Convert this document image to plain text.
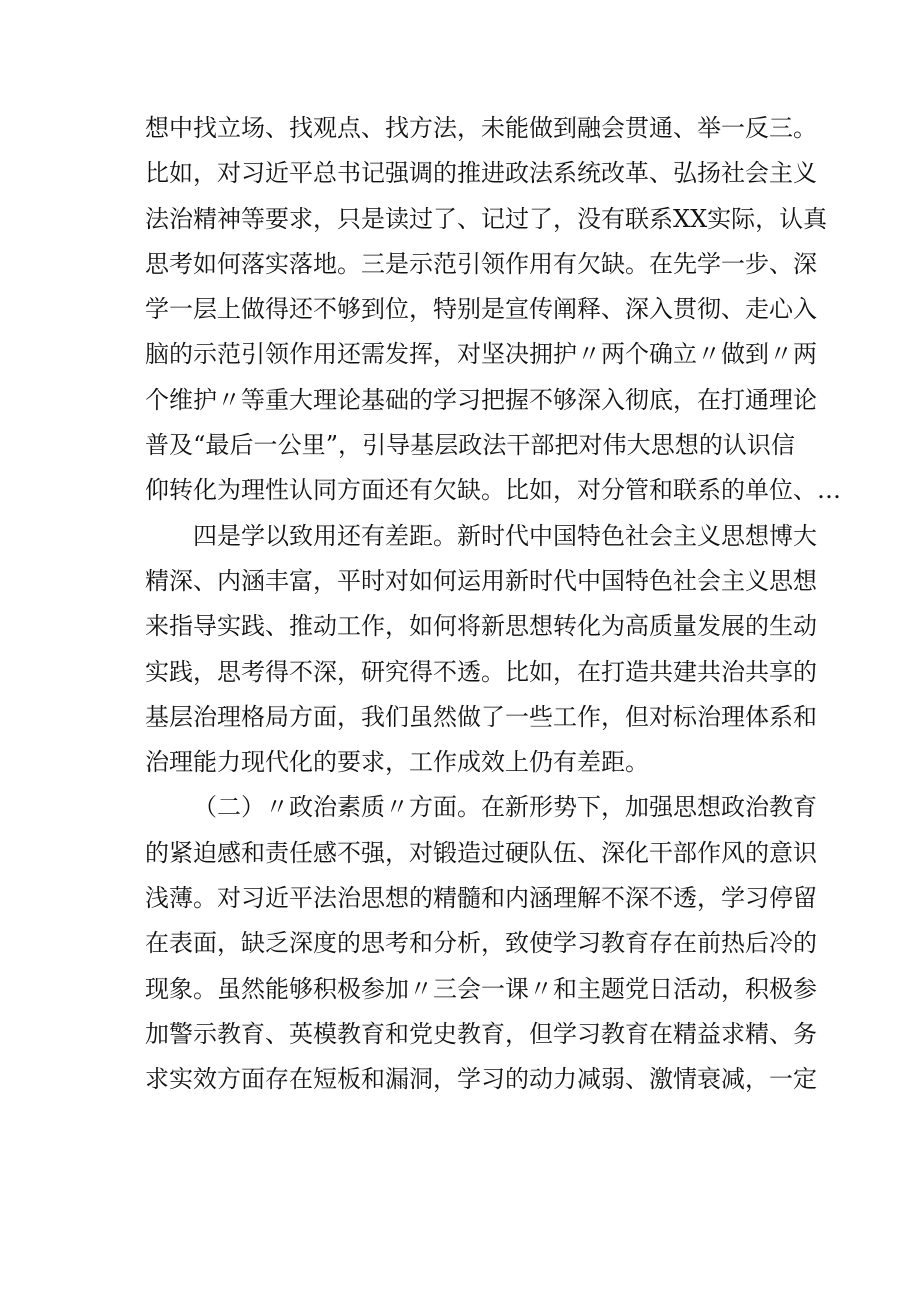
想中找立场、找观点、找方法，未能做到融会贯通、举一反三。
比如，对习近平总书记强调的推进政法系统改革、弘扬社会主义
法治精神等要求，只是读过了、记过了，没有联系XX实际，认真
思考如何落实落地。三是示范引领作用有欠缺。在先学一步、深
学一层上做得还不够到位，特别是宣传阐释、深入贯彻、走心入
脑的示范引领作用还需发挥，对坚决拥护〃两个确立〃做到〃两
个维护〃等重大理论基础的学习把握不够深入彻底，在打通理论
普及“最后一公里”，引导基层政法干部把对伟大思想的认识信
仰转化为理性认同方面还有欠缺。比如，对分管和联系的单位、…
四是学以致用还有差距。新时代中国特色社会主义思想博大
精深、内涵丰富，平时对如何运用新时代中国特色社会主义思想
来指导实践、推动工作，如何将新思想转化为高质量发展的生动
实践，思考得不深，研究得不透。比如，在打造共建共治共享的
基层治理格局方面，我们虽然做了一些工作，但对标治理体系和
治理能力现代化的要求，工作成效上仍有差距。
（二）〃政治素质〃方面。在新形势下，加强思想政治教育
的紧迫感和责任感不强，对锻造过硬队伍、深化干部作风的意识
浅薄。对习近平法治思想的精髓和内涵理解不深不透，学习停留
在表面，缺乏深度的思考和分析，致使学习教育存在前热后冷的
现象。虽然能够积极参加〃三会一课〃和主题党日活动，积极参
加警示教育、英模教育和党史教育，但学习教育在精益求精、务
求实效方面存在短板和漏洞，学习的动力减弱、激情衰减，一定
